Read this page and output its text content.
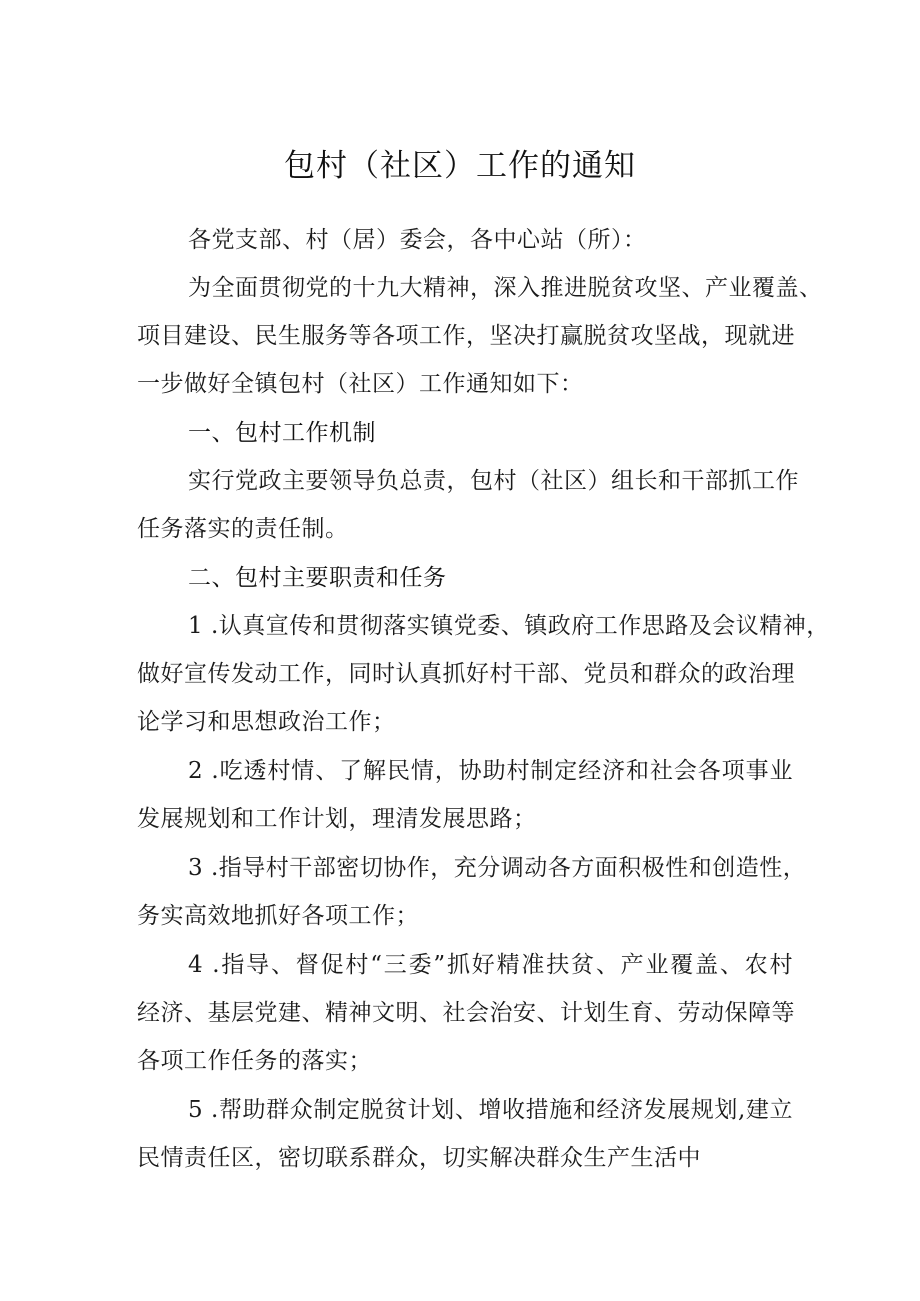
包村（社区）工作的通知

各党支部、村（居）委会，各中心站（所）：

为全面贯彻党的十九大精神，深入推进脱贫攻坚、产业覆盖、

项目建设、民生服务等各项工作，坚决打赢脱贫攻坚战，现就进

一步做好全镇包村（社区）工作通知如下：

一、包村工作机制

实行党政主要领导负总责，包村（社区）组长和干部抓工作

任务落实的责任制。

二、包村主要职责和任务

1 .认真宣传和贯彻落实镇党委、镇政府工作思路及会议精神，

做好宣传发动工作，同时认真抓好村干部、党员和群众的政治理

论学习和思想政治工作；

2 .吃透村情、了解民情，协助村制定经济和社会各项事业

发展规划和工作计划，理清发展思路；

3 .指导村干部密切协作，充分调动各方面积极性和创造性，

务实高效地抓好各项工作；

4 .指导、督促村“三委”抓好精准扶贫、产业覆盖、农村

经济、基层党建、精神文明、社会治安、计划生育、劳动保障等

各项工作任务的落实；

5 .帮助群众制定脱贫计划、增收措施和经济发展规划,建立

民情责任区，密切联系群众，切实解决群众生产生活中
